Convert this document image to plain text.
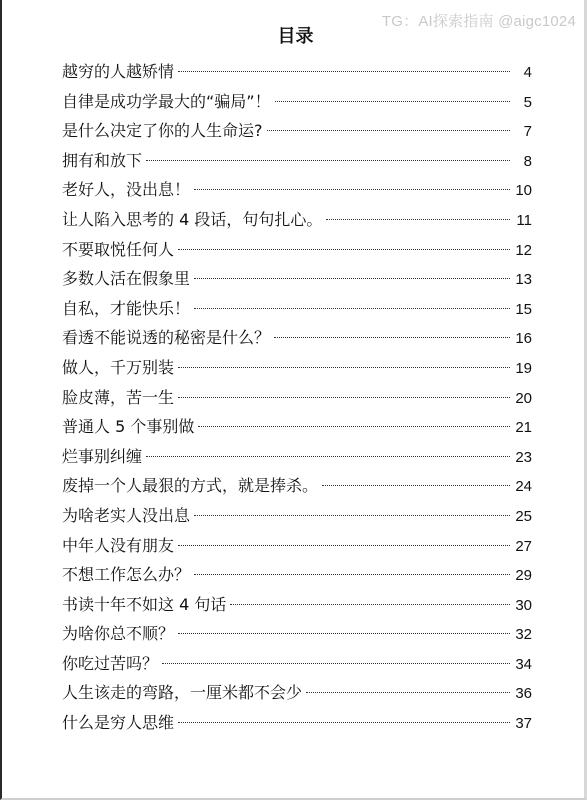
TG：AI探索指南 @aigc1024
目录
越穷的人越矫情	4
自律是成功学最大的“骗局”！	5
是什么决定了你的人生命运?	7
拥有和放下	8
老好人，没出息！	10
让人陷入思考的 4 段话，句句扎心。	11
不要取悦任何人	12
多数人活在假象里	13
自私，才能快乐！	15
看透不能说透的秘密是什么？	16
做人，千万别装	19
脸皮薄，苦一生	20
普通人 5 个事别做	21
烂事别纠缠	23
废掉一个人最狠的方式，就是捧杀。	24
为啥老实人没出息	25
中年人没有朋友	27
不想工作怎么办？	29
书读十年不如这 4 句话	30
为啥你总不顺？	32
你吃过苦吗？	34
人生该走的弯路，一厘米都不会少	36
什么是穷人思维	37
